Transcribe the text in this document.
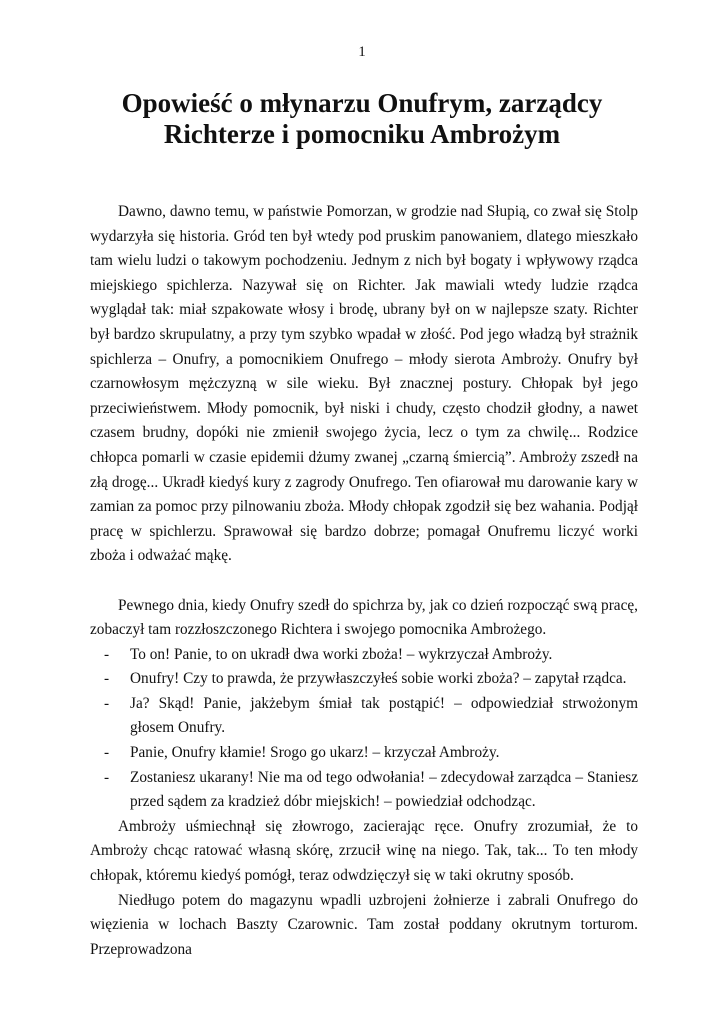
1
Opowieść o młynarzu Onufrym, zarządcy
Richterze i pomocniku Ambrożym

Dawno, dawno temu, w państwie Pomorzan, w grodzie nad Słupią, co zwał się Stolp wydarzyła się historia. Gród ten był wtedy pod pruskim panowaniem, dlatego mieszkało tam wielu ludzi o takowym pochodzeniu. Jednym z nich był bogaty i wpływowy rządca miejskiego spichlerza. Nazywał się on Richter. Jak mawiali wtedy ludzie rządca wyglądał tak: miał szpakowate włosy i brodę, ubrany był on w najlepsze szaty. Richter był bardzo skrupulatny, a przy tym szybko wpadał w złość. Pod jego władzą był strażnik spichlerza – Onufry, a pomocnikiem Onufrego – młody sierota Ambroży. Onufry był czarnowłosym mężczyzną w sile wieku. Był znacznej postury. Chłopak był jego przeciwieństwem. Młody pomocnik, był niski i chudy, często chodził głodny, a nawet czasem brudny, dopóki nie zmienił swojego życia, lecz o tym za chwilę... Rodzice chłopca pomarli w czasie epidemii dżumy zwanej „czarną śmiercią”. Ambroży zszedł na złą drogę... Ukradł kiedyś kury z zagrody Onufrego. Ten ofiarował mu darowanie kary w zamian za pomoc przy pilnowaniu zboża. Młody chłopak zgodził się bez wahania. Podjął pracę w spichlerzu. Sprawował się bardzo dobrze; pomagał Onufremu liczyć worki zboża i odważać mąkę.

Pewnego dnia, kiedy Onufry szedł do spichrza by, jak co dzień rozpocząć swą pracę, zobaczył tam rozzłoszczonego Richtera i swojego pomocnika Ambrożego.

- To on! Panie, to on ukradł dwa worki zboża! – wykrzyczał Ambroży.
- Onufry! Czy to prawda, że przywłaszczyłeś sobie worki zboża? – zapytał rządca.
- Ja? Skąd! Panie, jakżebym śmiał tak postąpić! – odpowiedział strwożonym głosem Onufry.
- Panie, Onufry kłamie! Srogo go ukarz! – krzyczał Ambroży.
- Zostaniesz ukarany! Nie ma od tego odwołania! – zdecydował zarządca – Staniesz przed sądem za kradzież dóbr miejskich! – powiedział odchodząc.

Ambroży uśmiechnął się złowrogo, zacierając ręce. Onufry zrozumiał, że to Ambroży chcąc ratować własną skórę, zrzucił winę na niego. Tak, tak... To ten młody chłopak, któremu kiedyś pomógł, teraz odwdzięczył się w taki okrutny sposób.

Niedługo potem do magazynu wpadli uzbrojeni żołnierze i zabrali Onufrego do więzienia w lochach Baszty Czarownic. Tam został poddany okrutnym torturom. Przeprowadzona
